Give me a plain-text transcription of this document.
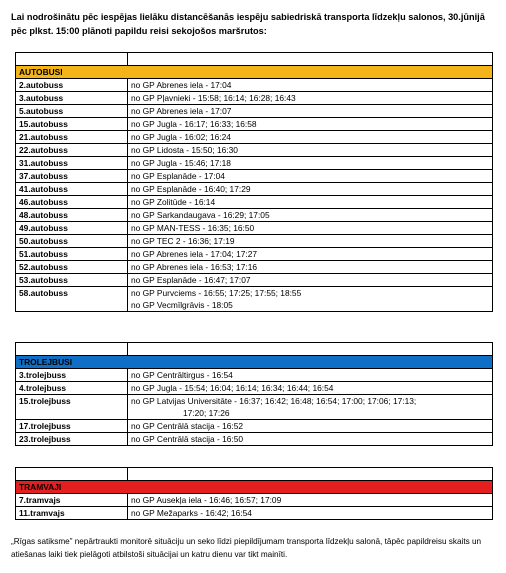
Lai nodrošinātu pēc iespējas lielāku distancēšanās iespēju sabiedriskā transporta līdzekļu salonos, 30.jūnijā pēc plkst. 15:00 plānoti papildu reisi sekojošos maršrutos:

AUTOBUSI	
2.autobuss	no GP Abrenes iela - 17:04

3.autobuss	no GP Pļavnieki - 15:58; 16:14; 16:28; 16:43

5.autobuss	no GP Abrenes iela - 17:07

15.autobuss	no GP Jugla - 16:17; 16:33; 16:58

21.autobuss	no GP Jugla - 16:02; 16:24

22.autobuss	no GP Lidosta - 15:50; 16:30

31.autobuss	no GP Jugla - 15:46; 17:18

37.autobuss	no GP Esplanāde - 17:04

41.autobuss	no GP Esplanāde - 16:40; 17:29

46.autobuss	no GP Zolitūde - 16:14

48.autobuss	no GP Sarkandaugava - 16:29; 17:05

49.autobuss	no GP MAN-TESS - 16:35; 16:50

50.autobuss	no GP TEC 2 - 16:36; 17:19

51.autobuss	no GP Abrenes iela - 17:04; 17:27

52.autobuss	no GP Abrenes iela - 16:53; 17:16

53.autobuss	no GP Esplanāde - 16:47; 17:07

58.autobuss	no GP Purvciems - 16:55; 17:25; 17:55; 18:55
no GP Vecmīlgrāvis - 18:05

TROLEJBUSI	
3.trolejbuss	no GP Centrāltirgus - 16:54

4.trolejbuss	no GP Jugla - 15:54; 16:04; 16:14; 16:34; 16:44; 16:54

15.trolejbuss	no GP Latvijas Universitāte - 16:37; 16:42; 16:48; 16:54; 17:00; 17:06; 17:13;
17:20; 17:26

17.trolejbuss	no GP Centrālā stacija - 16:52

23.trolejbuss	no GP Centrālā stacija - 16:50

TRAMVAJI	
7.tramvajs	no GP Ausekļa iela - 16:46; 16:57; 17:09

11.tramvajs	no GP Mežaparks - 16:42; 16:54
„Rīgas satiksme” nepārtraukti monitorē situāciju un seko līdzi piepildījumam transporta līdzekļu salonā, tāpēc papildreisu skaits un atiešanas laiki tiek pielāgoti atbilstoši situācijai un katru dienu var tikt mainīti.
